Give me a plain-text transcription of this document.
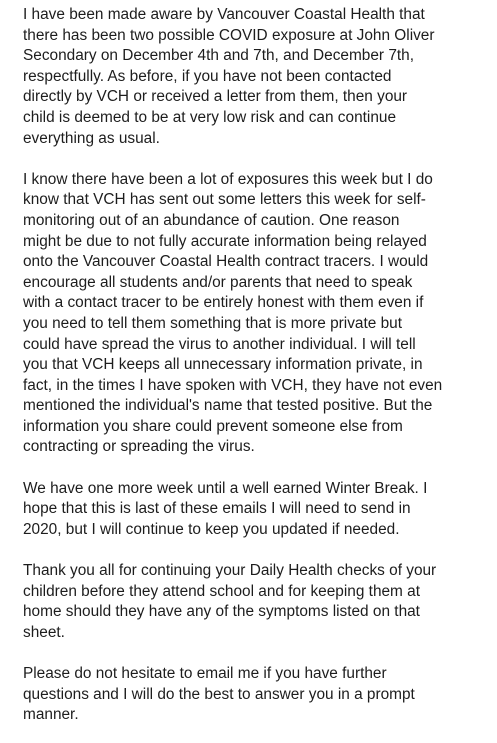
I have been made aware by Vancouver Coastal Health that
there has been two possible COVID exposure at John Oliver
Secondary on December 4th and 7th, and December 7th,
respectfully. As before, if you have not been contacted
directly by VCH or received a letter from them, then your
child is deemed to be at very low risk and can continue
everything as usual.

I know there have been a lot of exposures this week but I do
know that VCH has sent out some letters this week for self-
monitoring out of an abundance of caution. One reason
might be due to not fully accurate information being relayed
onto the Vancouver Coastal Health contract tracers. I would
encourage all students and/or parents that need to speak
with a contact tracer to be entirely honest with them even if
you need to tell them something that is more private but
could have spread the virus to another individual. I will tell
you that VCH keeps all unnecessary information private, in
fact, in the times I have spoken with VCH, they have not even
mentioned the individual's name that tested positive. But the
information you share could prevent someone else from
contracting or spreading the virus.

We have one more week until a well earned Winter Break. I
hope that this is last of these emails I will need to send in
2020, but I will continue to keep you updated if needed.

Thank you all for continuing your Daily Health checks of your
children before they attend school and for keeping them at
home should they have any of the symptoms listed on that
sheet.

Please do not hesitate to email me if you have further
questions and I will do the best to answer you in a prompt
manner.
